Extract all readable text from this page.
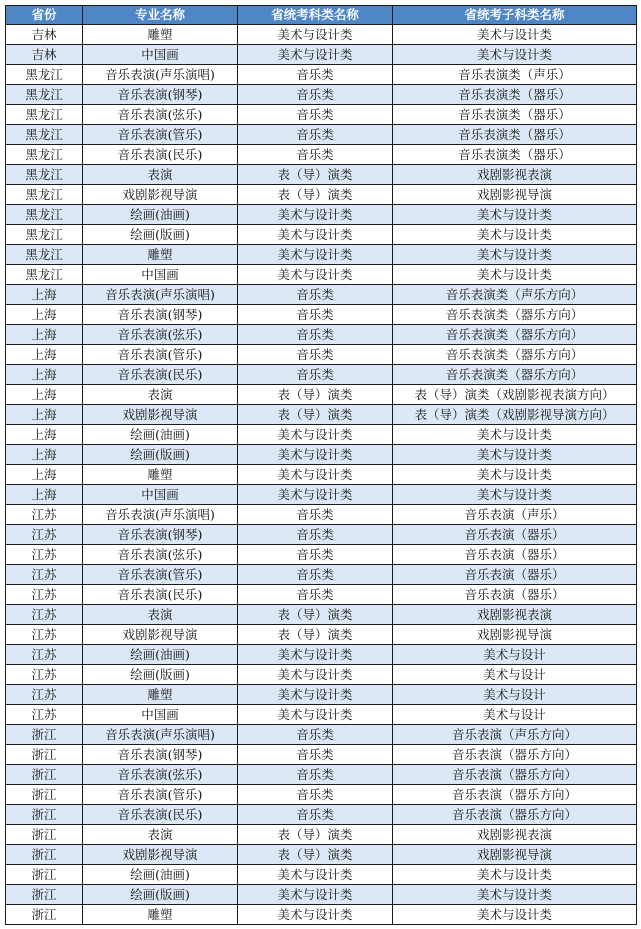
省份	专业名称	省统考科类名称	省统考子科类名称
吉林	雕塑	美术与设计类	美术与设计类
吉林	中国画	美术与设计类	美术与设计类
黑龙江	音乐表演(声乐演唱)	音乐类	音乐表演类（声乐）
黑龙江	音乐表演(钢琴)	音乐类	音乐表演类（器乐）
黑龙江	音乐表演(弦乐)	音乐类	音乐表演类（器乐）
黑龙江	音乐表演(管乐)	音乐类	音乐表演类（器乐）
黑龙江	音乐表演(民乐)	音乐类	音乐表演类（器乐）
黑龙江	表演	表（导）演类	戏剧影视表演
黑龙江	戏剧影视导演	表（导）演类	戏剧影视导演
黑龙江	绘画(油画)	美术与设计类	美术与设计类
黑龙江	绘画(版画)	美术与设计类	美术与设计类
黑龙江	雕塑	美术与设计类	美术与设计类
黑龙江	中国画	美术与设计类	美术与设计类
上海	音乐表演(声乐演唱)	音乐类	音乐表演类（声乐方向）
上海	音乐表演(钢琴)	音乐类	音乐表演类（器乐方向）
上海	音乐表演(弦乐)	音乐类	音乐表演类（器乐方向）
上海	音乐表演(管乐)	音乐类	音乐表演类（器乐方向）
上海	音乐表演(民乐)	音乐类	音乐表演类（器乐方向）
上海	表演	表（导）演类	表（导）演类（戏剧影视表演方向）
上海	戏剧影视导演	表（导）演类	表（导）演类（戏剧影视导演方向）
上海	绘画(油画)	美术与设计类	美术与设计类
上海	绘画(版画)	美术与设计类	美术与设计类
上海	雕塑	美术与设计类	美术与设计类
上海	中国画	美术与设计类	美术与设计类
江苏	音乐表演(声乐演唱)	音乐类	音乐表演（声乐）
江苏	音乐表演(钢琴)	音乐类	音乐表演（器乐）
江苏	音乐表演(弦乐)	音乐类	音乐表演（器乐）
江苏	音乐表演(管乐)	音乐类	音乐表演（器乐）
江苏	音乐表演(民乐)	音乐类	音乐表演（器乐）
江苏	表演	表（导）演类	戏剧影视表演
江苏	戏剧影视导演	表（导）演类	戏剧影视导演
江苏	绘画(油画)	美术与设计类	美术与设计
江苏	绘画(版画)	美术与设计类	美术与设计
江苏	雕塑	美术与设计类	美术与设计
江苏	中国画	美术与设计类	美术与设计
浙江	音乐表演(声乐演唱)	音乐类	音乐表演（声乐方向）
浙江	音乐表演(钢琴)	音乐类	音乐表演（器乐方向）
浙江	音乐表演(弦乐)	音乐类	音乐表演（器乐方向）
浙江	音乐表演(管乐)	音乐类	音乐表演（器乐方向）
浙江	音乐表演(民乐)	音乐类	音乐表演（器乐方向）
浙江	表演	表（导）演类	戏剧影视表演
浙江	戏剧影视导演	表（导）演类	戏剧影视导演
浙江	绘画(油画)	美术与设计类	美术与设计类
浙江	绘画(版画)	美术与设计类	美术与设计类
浙江	雕塑	美术与设计类	美术与设计类
